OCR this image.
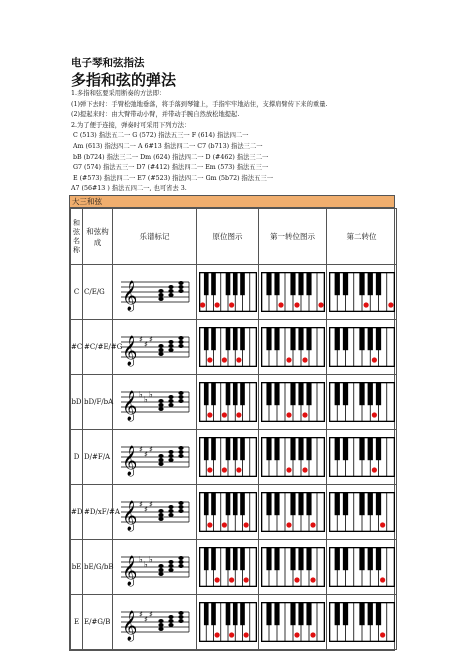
电子琴和弦指法
多指和弦的弹法
1.多指和弦要采用断奏的方法即：
(1)弹下去时：手臂松弛地垂落，将手落到琴键上，手指牢牢地站住，支撑肩臂传下来的重量.
(2)提起来时：由大臂带动小臂，并带动手腕自然放松地提起.
2.为了便于连接，弹奏时可采用下列方法：
C (513) 指法五二一 G (572) 指法五三一 F (614) 指法四二一
Am (613) 指法四二一 A 6#13 指法四二一 C7 (b713) 指法三二一
bB (b724) 指法三二一 Dm (624) 指法四二一 D (#462) 指法三二一
G7 (574) 指法五三一 D7 (#412) 指法四二一 Em (573) 指法五三一
E (#573) 指法四二一 E7 (#523) 指法四二一 Gm (5b72) 指法五三一
A7 (56#13 ) 指法五四二一, 也可省去 3.
大三和弦
和
弦
名
称	和弦构成	乐谱标记	原位图示	第一转位图示	第二转位
C	C/E/G	𝄞

#C	#C/#E/#G	𝄞 ♯
♯
♯

bD	bD/F/bA	𝄞 ♭
♭
♭

D	D/#F/A	𝄞 ♯
♯
♯

#D	#D/xF/#A	𝄞 ♯
♯
♯

bE	bE/G/bB	𝄞 ♭
♭
♭

E	E/#G/B	𝄞 ♯
♯
♯
